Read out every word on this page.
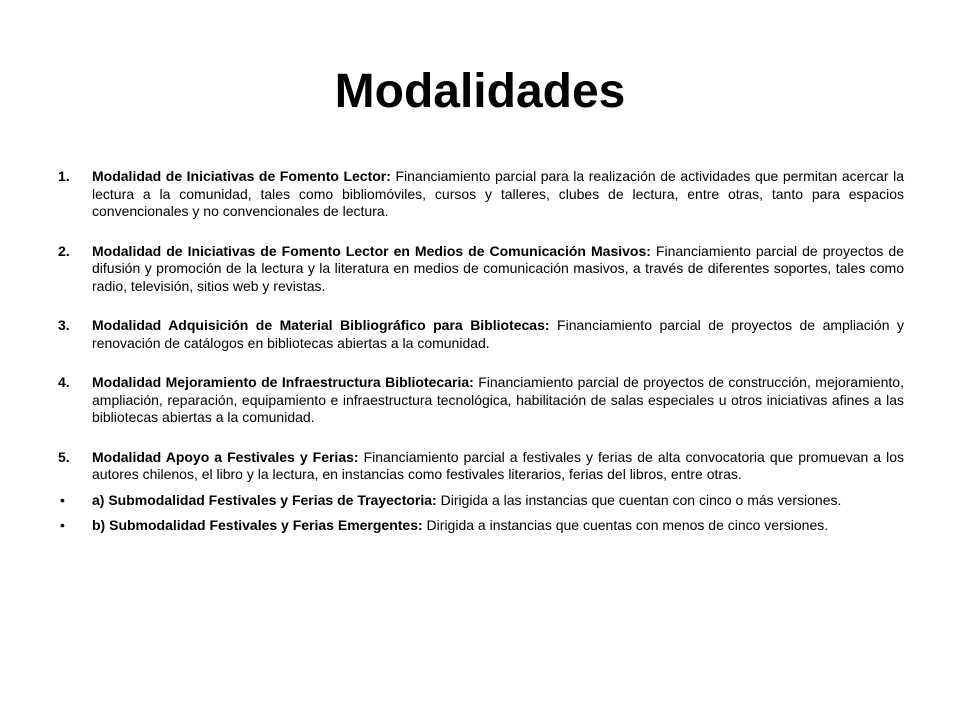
Modalidades
1. Modalidad de Iniciativas de Fomento Lector: Financiamiento parcial para la realización de actividades que permitan acercar la lectura a la comunidad, tales como bibliomóviles, cursos y talleres, clubes de lectura, entre otras, tanto para espacios convencionales y no convencionales de lectura.
2. Modalidad de Iniciativas de Fomento Lector en Medios de Comunicación Masivos: Financiamiento parcial de proyectos de difusión y promoción de la lectura y la literatura en medios de comunicación masivos, a través de diferentes soportes, tales como radio, televisión, sitios web y revistas.
3. Modalidad Adquisición de Material Bibliográfico para Bibliotecas: Financiamiento parcial de proyectos de ampliación y renovación de catálogos en bibliotecas abiertas a la comunidad.
4. Modalidad Mejoramiento de Infraestructura Bibliotecaria: Financiamiento parcial de proyectos de construcción, mejoramiento, ampliación, reparación, equipamiento e infraestructura tecnológica, habilitación de salas especiales u otros iniciativas afines a las bibliotecas abiertas a la comunidad.
5. Modalidad Apoyo a Festivales y Ferias: Financiamiento parcial a festivales y ferias de alta convocatoria que promuevan a los autores chilenos, el libro y la lectura, en instancias como festivales literarios, ferias del libros, entre otras.
• a) Submodalidad Festivales y Ferias de Trayectoria: Dirigida a las instancias que cuentan con cinco o más versiones.
• b) Submodalidad Festivales y Ferias Emergentes: Dirigida a instancias que cuentas con menos de cinco versiones.
